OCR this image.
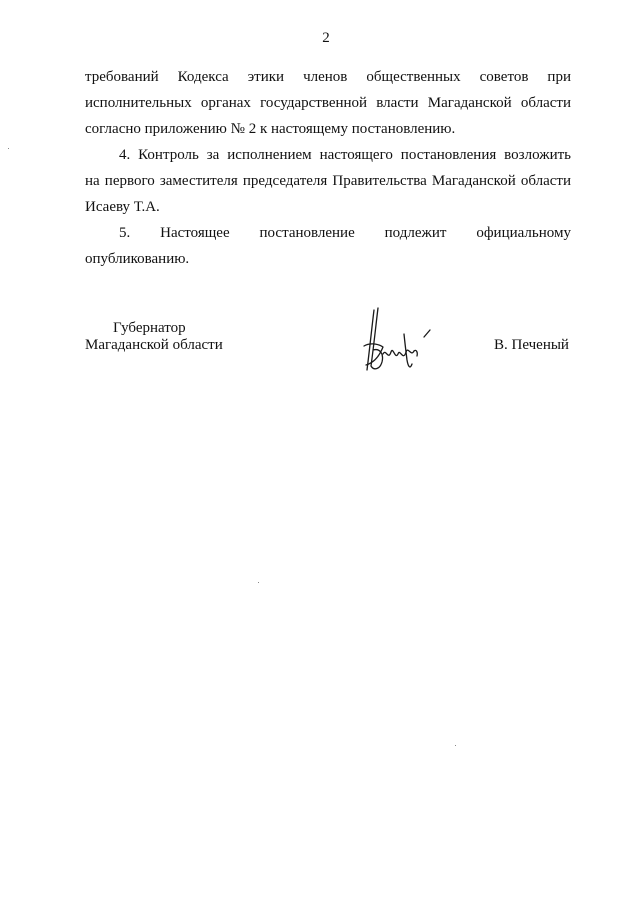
2
требований Кодекса этики членов общественных советов при
исполнительных органах государственной власти Магаданской области
согласно приложению № 2 к настоящему постановлению.
4. Контроль за исполнением настоящего постановления возложить
на первого заместителя председателя Правительства Магаданской области
Исаеву Т.А.
5. Настоящее постановление подлежит официальному
опубликованию.
Губернатор
Магаданской области	В. Печеный
